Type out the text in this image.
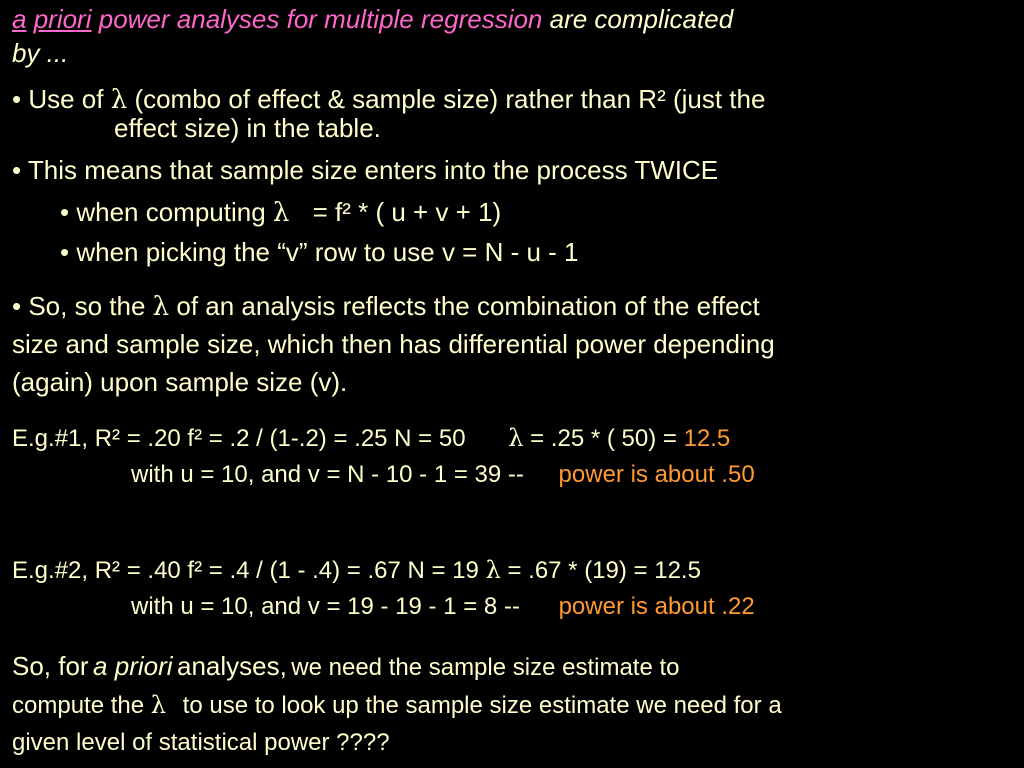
a priori power analyses for multiple regression are complicated
by ...
• Use of λ (combo of effect & sample size) rather than R² (just the
effect size) in the table.
• This means that sample size enters into the process TWICE
• when computing λ = f² * ( u + v + 1)
• when picking the “v” row to use v = N - u - 1
• So, so the λ of an analysis reflects the combination of the effect
size and sample size, which then has differential power depending
(again) upon sample size (v).
E.g.#1, R² = .20 f² = .2 / (1-.2) = .25 N = 50 λ = .25 * ( 50) = 12.5
with u = 10, and v = N - 10 - 1 = 39 -- power is about .50
E.g.#2, R² = .40 f² = .4 / (1 - .4) = .67 N = 19 λ = .67 * (19) = 12.5
with u = 10, and v = 19 - 19 - 1 = 8 -- power is about .22
So, for a priori analyses, we need the sample size estimate to
compute the λ to use to look up the sample size estimate we need for a
given level of statistical power ????
